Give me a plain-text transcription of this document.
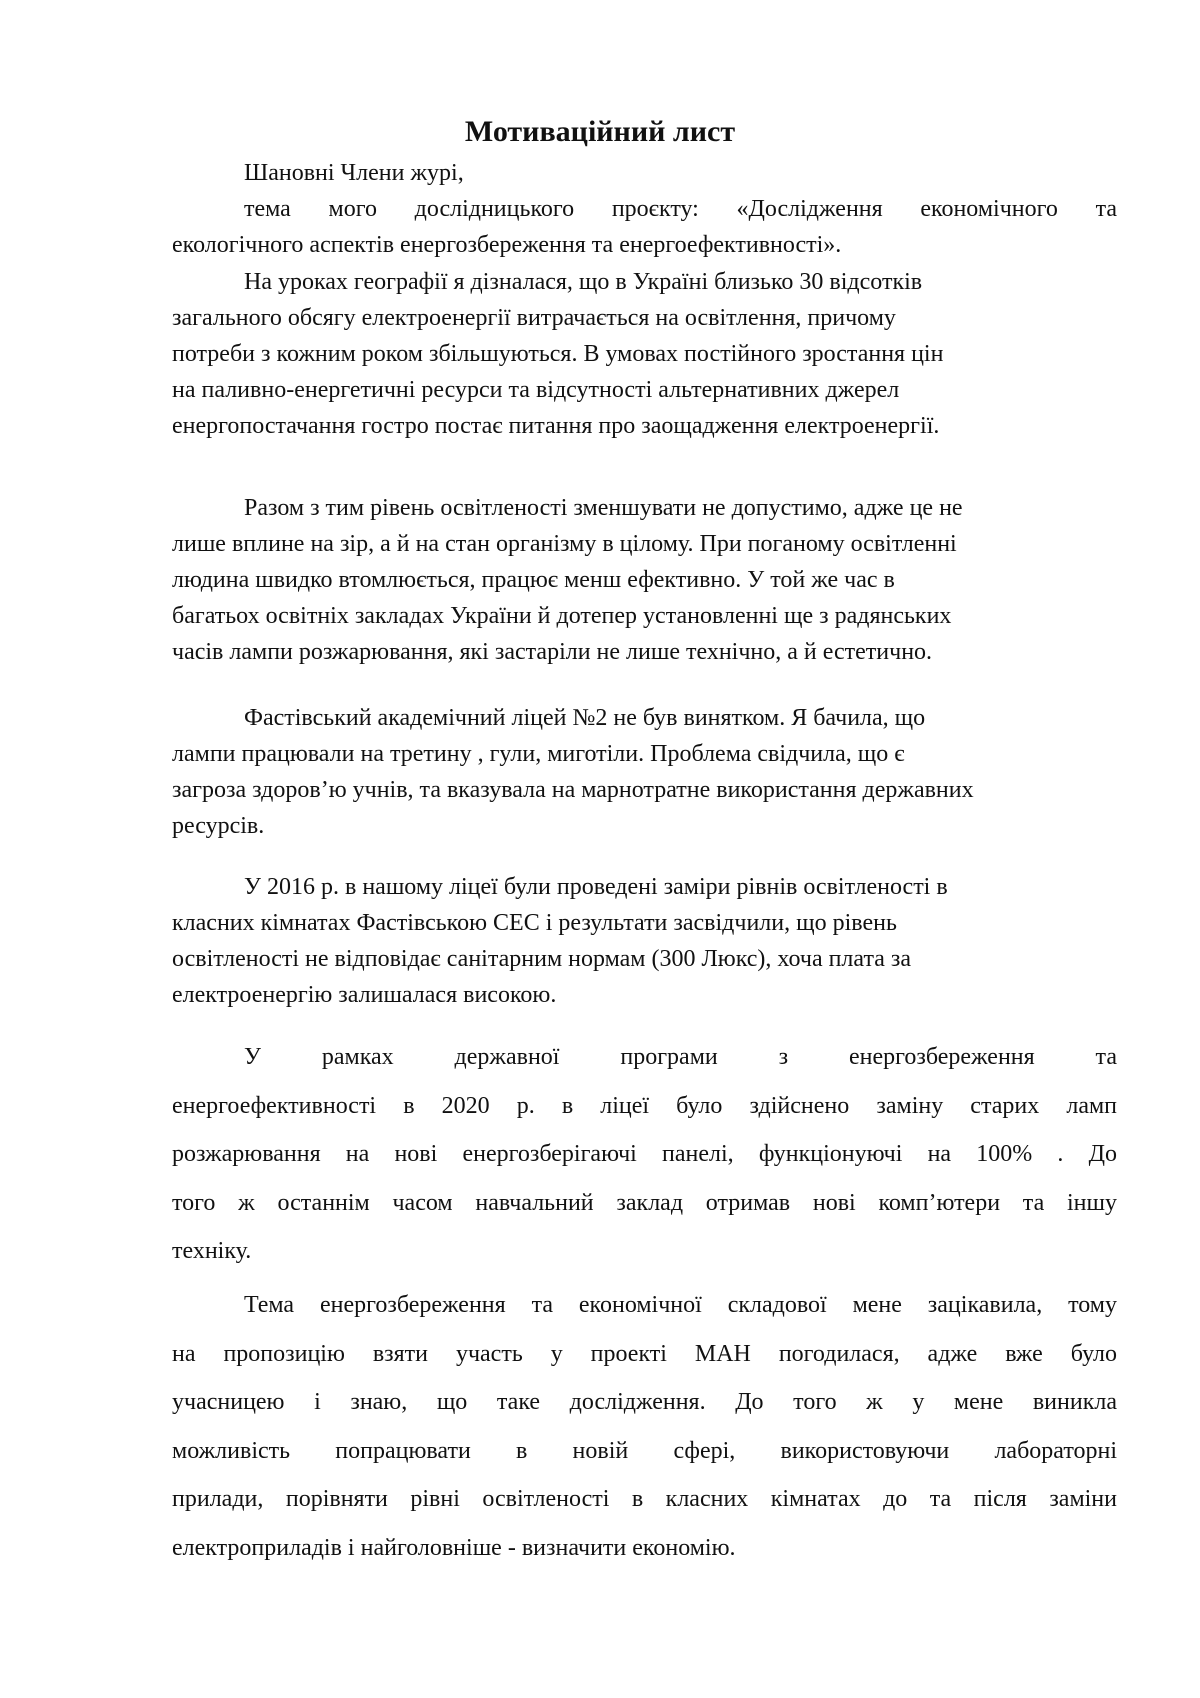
Мотиваційний лист
Шановні Члени журі,
тема мого дослідницького проєкту: «Дослідження економічного та
екологічного аспектів енергозбереження та енергоефективності».
На уроках географії я дізналася, що в Україні близько 30 відсотків
загального обсягу електроенергії витрачається на освітлення, причому
потреби з кожним роком збільшуються. В умовах постійного зростання цін
на паливно-енергетичні ресурси та відсутності альтернативних джерел
енергопостачання гостро постає питання про заощадження електроенергії.
Разом з тим рівень освітленості зменшувати не допустимо, адже це не
лише вплине на зір, а й на стан організму в цілому. При поганому освітленні
людина швидко втомлюється, працює менш ефективно. У той же час в
багатьох освітніх закладах України й дотепер установленні ще з радянських
часів лампи розжарювання, які застаріли не лише технічно, а й естетично.
Фастівський академічний ліцей №2 не був винятком. Я бачила, що
лампи працювали на третину , гули, миготіли. Проблема свідчила, що є
загроза здоров’ю учнів, та вказувала на марнотратне використання державних
ресурсів.
У 2016 р. в нашому ліцеї були проведені заміри рівнів освітленості в
класних кімнатах Фастівською СЕС і результати засвідчили, що рівень
освітленості не відповідає санітарним нормам (300 Люкс), хоча плата за
електроенергію залишалася високою.
У рамках державної програми з енергозбереження та
енергоефективності в 2020 р. в ліцеї було здійснено заміну старих ламп
розжарювання на нові енергозберігаючі панелі, функціонуючі на 100% . До
того ж останнім часом навчальний заклад отримав нові комп’ютери та іншу
техніку.
Тема енергозбереження та економічної складової мене зацікавила, тому
на пропозицію взяти участь у проекті МАН погодилася, адже вже було
учасницею і знаю, що таке дослідження. До того ж у мене виникла
можливість попрацювати в новій сфері, використовуючи лабораторні
прилади, порівняти рівні освітленості в класних кімнатах до та після заміни
електроприладів і найголовніше - визначити економію.
